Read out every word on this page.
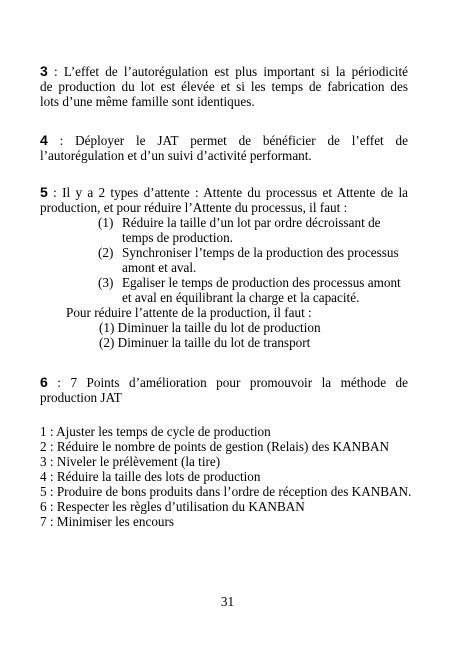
3 : L’effet de l’autorégulation est plus important si la périodicité
de production du lot est élevée et si les temps de fabrication des
lots d’une même famille sont identiques.
4 : Déployer le JAT permet de bénéficier de l’effet de
l’autorégulation et d’un suivi d’activité performant.
5 : Il y a 2 types d’attente : Attente du processus et Attente de la
production, et pour réduire l’Attente du processus, il faut :
(1) Réduire la taille d’un lot par ordre décroissant de
temps de production.
(2) Synchroniser l’temps de la production des processus
amont et aval.
(3) Egaliser le temps de production des processus amont
et aval en équilibrant la charge et la capacité.
Pour réduire l’attente de la production, il faut :
(1) Diminuer la taille du lot de production
(2) Diminuer la taille du lot de transport
6 : 7 Points d’amélioration pour promouvoir la méthode de
production JAT
1 : Ajuster les temps de cycle de production
2 : Réduire le nombre de points de gestion (Relais) des KANBAN
3 : Niveler le prélèvement (la tire)
4 : Réduire la taille des lots de production
5 : Produire de bons produits dans l’ordre de réception des KANBAN.
6 : Respecter les règles d’utilisation du KANBAN
7 : Minimiser les encours
31
